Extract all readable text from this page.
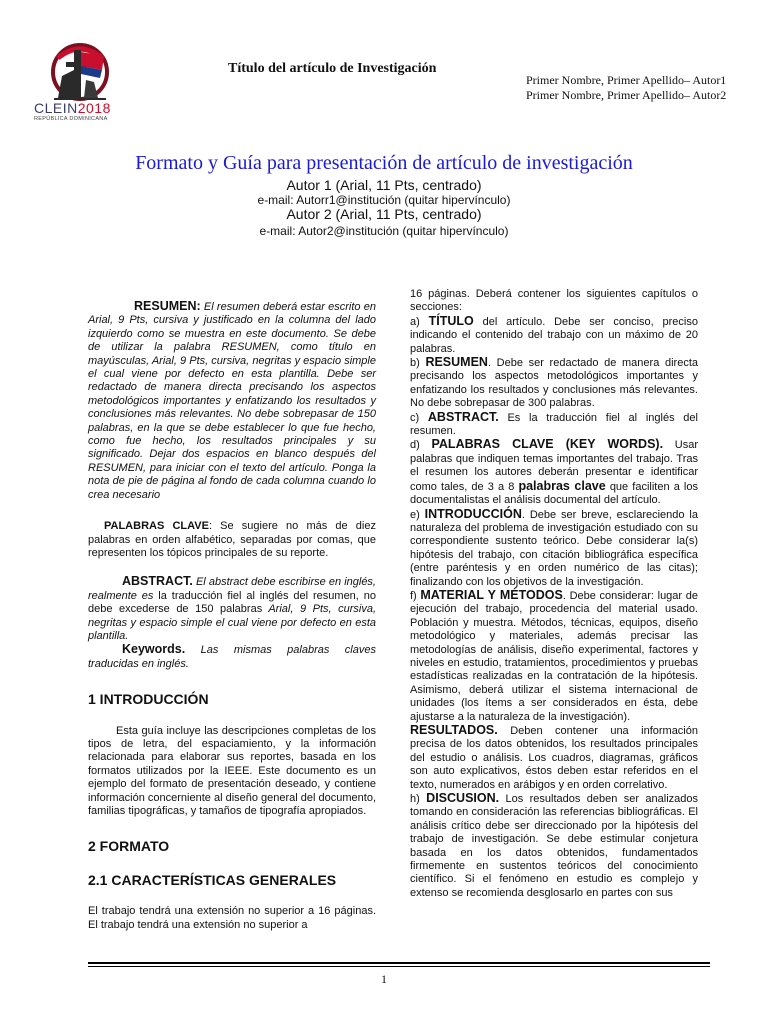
CLEIN2018
REPÚBLICA DOMINICANA
Título del artículo de Investigación
Primer Nombre, Primer Apellido– Autor1
Primer Nombre, Primer Apellido– Autor2
Formato y Guía para presentación de artículo de investigación
Autor 1 (Arial, 11 Pts, centrado)
e-mail: Autorr1@institución (quitar hipervínculo)
Autor 2 (Arial, 11 Pts, centrado)
e-mail: Autor2@institución (quitar hipervínculo)

RESUMEN: El resumen deberá estar escrito en Arial, 9 Pts, cursiva y justificado en la columna del lado izquierdo como se muestra en este documento. Se debe de utilizar la palabra RESUMEN, como título en mayúsculas, Arial, 9 Pts, cursiva, negritas y espacio simple el cual viene por defecto en esta plantilla. Debe ser redactado de manera directa precisando los aspectos metodológicos importantes y enfatizando los resultados y conclusiones más relevantes. No debe sobrepasar de 150 palabras, en la que se debe establecer lo que fue hecho, como fue hecho, los resultados principales y su significado. Dejar dos espacios en blanco después del RESUMEN, para iniciar con el texto del artículo. Ponga la nota de pie de página al fondo de cada columna cuando lo crea necesario

PALABRAS CLAVE: Se sugiere no más de diez palabras en orden alfabético, separadas por comas, que representen los tópicos principales de su reporte.

ABSTRACT. El abstract debe escribirse en inglés, realmente es la traducción fiel al inglés del resumen, no debe excederse de 150 palabras Arial, 9 Pts, cursiva, negritas y espacio simple el cual viene por defecto en esta plantilla.

Keywords. Las mismas palabras claves traducidas en inglés.

1 INTRODUCCIÓN

Esta guía incluye las descripciones completas de los tipos de letra, del espaciamiento, y la información relacionada para elaborar sus reportes, basada en los formatos utilizados por la IEEE. Este documento es un ejemplo del formato de presentación deseado, y contiene información concerniente al diseño general del documento, familias tipográficas, y tamaños de tipografía apropiados.

2 FORMATO

2.1 CARACTERÍSTICAS GENERALES

El trabajo tendrá una extensión no superior a 16 páginas. El trabajo tendrá una extensión no superior a

16 páginas. Deberá contener los siguientes capítulos o secciones:

a) TÍTULO del artículo. Debe ser conciso, preciso indicando el contenido del trabajo con un máximo de 20 palabras.

b) RESUMEN. Debe ser redactado de manera directa precisando los aspectos metodológicos importantes y enfatizando los resultados y conclusiones más relevantes. No debe sobrepasar de 300 palabras.

c) ABSTRACT. Es la traducción fiel al inglés del resumen.

d) PALABRAS CLAVE (KEY WORDS). Usar palabras que indiquen temas importantes del trabajo. Tras el resumen los autores deberán presentar e identificar como tales, de 3 a 8 palabras clave que faciliten a los documentalistas el análisis documental del artículo.

e) INTRODUCCIÓN. Debe ser breve, esclareciendo la naturaleza del problema de investigación estudiado con su correspondiente sustento teórico. Debe considerar la(s) hipótesis del trabajo, con citación bibliográfica específica (entre paréntesis y en orden numérico de las citas); finalizando con los objetivos de la investigación.

f) MATERIAL Y MÉTODOS. Debe considerar: lugar de ejecución del trabajo, procedencia del material usado. Población y muestra. Métodos, técnicas, equipos, diseño metodológico y materiales, además precisar las metodologías de análisis, diseño experimental, factores y niveles en estudio, tratamientos, procedimientos y pruebas estadísticas realizadas en la contratación de la hipótesis. Asimismo, deberá utilizar el sistema internacional de unidades (los ítems a ser considerados en ésta, debe ajustarse a la naturaleza de la investigación).

RESULTADOS. Deben contener una información precisa de los datos obtenidos, los resultados principales del estudio o análisis. Los cuadros, diagramas, gráficos son auto explicativos, éstos deben estar referidos en el texto, numerados en arábigos y en orden correlativo.

h) DISCUSION. Los resultados deben ser analizados tomando en consideración las referencias bibliográficas. El análisis crítico debe ser direccionado por la hipótesis del trabajo de investigación. Se debe estimular conjetura basada en los datos obtenidos, fundamentados firmemente en sustentos teóricos del conocimiento científico. Si el fenómeno en estudio es complejo y extenso se recomienda desglosarlo en partes con sus

1
